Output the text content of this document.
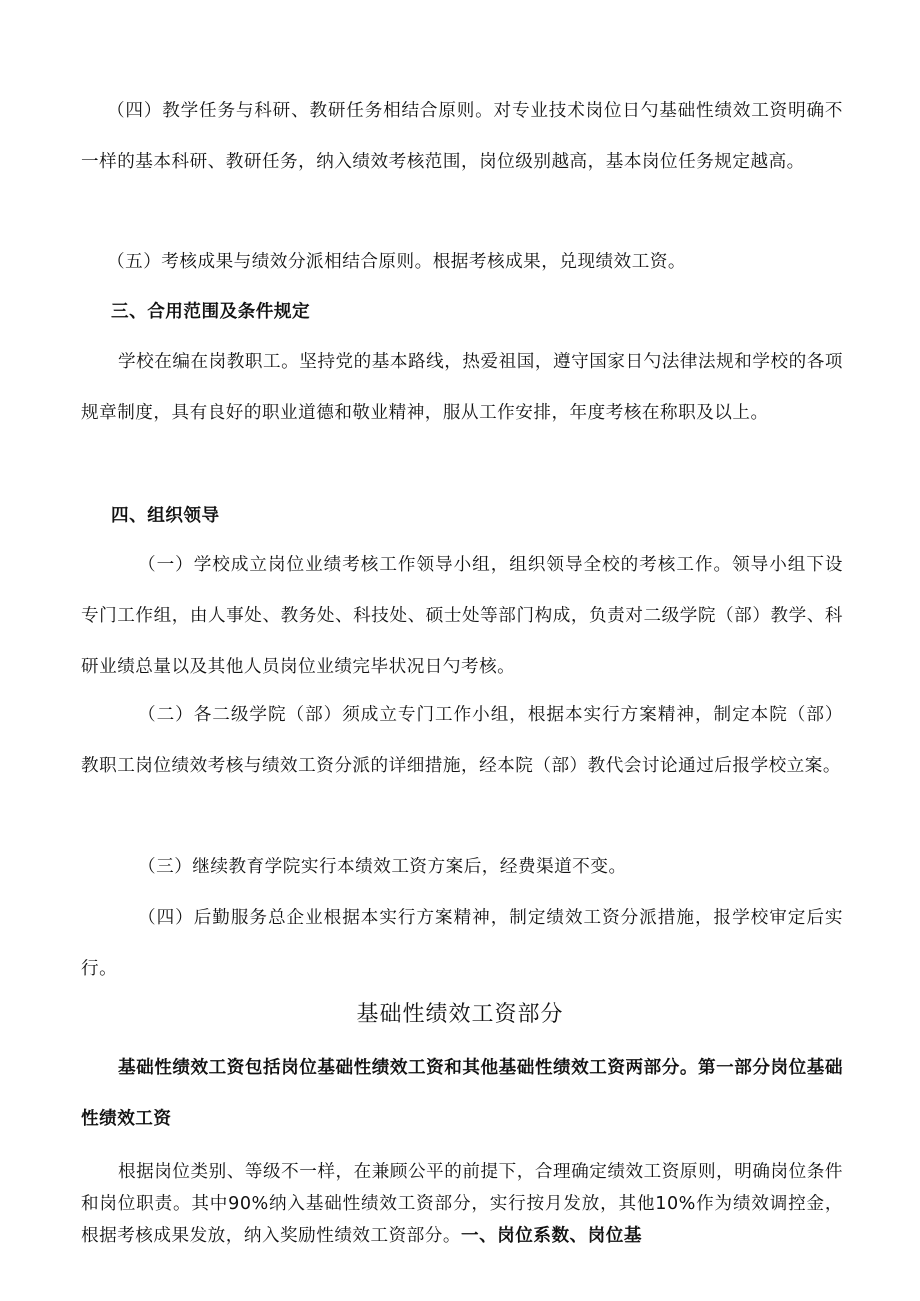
（四）教学任务与科研、教研任务相结合原则。对专业技术岗位日勺基础性绩效工资明确不一样的基本科研、教研任务，纳入绩效考核范围，岗位级别越高，基本岗位任务规定越高。

（五）考核成果与绩效分派相结合原则。根据考核成果，兑现绩效工资。

三、合用范围及条件规定

学校在编在岗教职工。坚持党的基本路线，热爱祖国，遵守国家日勺法律法规和学校的各项规章制度，具有良好的职业道德和敬业精神，服从工作安排，年度考核在称职及以上。

四、组织领导

（一）学校成立岗位业绩考核工作领导小组，组织领导全校的考核工作。领导小组下设专门工作组，由人事处、教务处、科技处、硕士处等部门构成，负责对二级学院（部）教学、科研业绩总量以及其他人员岗位业绩完毕状况日勺考核。

（二）各二级学院（部）须成立专门工作小组，根据本实行方案精神，制定本院（部）教职工岗位绩效考核与绩效工资分派的详细措施，经本院（部）教代会讨论通过后报学校立案。

（三）继续教育学院实行本绩效工资方案后，经费渠道不变。

（四）后勤服务总企业根据本实行方案精神，制定绩效工资分派措施，报学校审定后实行。

基础性绩效工资部分

基础性绩效工资包括岗位基础性绩效工资和其他基础性绩效工资两部分。第一部分岗位基础性绩效工资

根据岗位类别、等级不一样，在兼顾公平的前提下，合理确定绩效工资原则，明确岗位条件和岗位职责。其中90%纳入基础性绩效工资部分，实行按月发放，其他10%作为绩效调控金，根据考核成果发放，纳入奖励性绩效工资部分。一、岗位系数、岗位基
